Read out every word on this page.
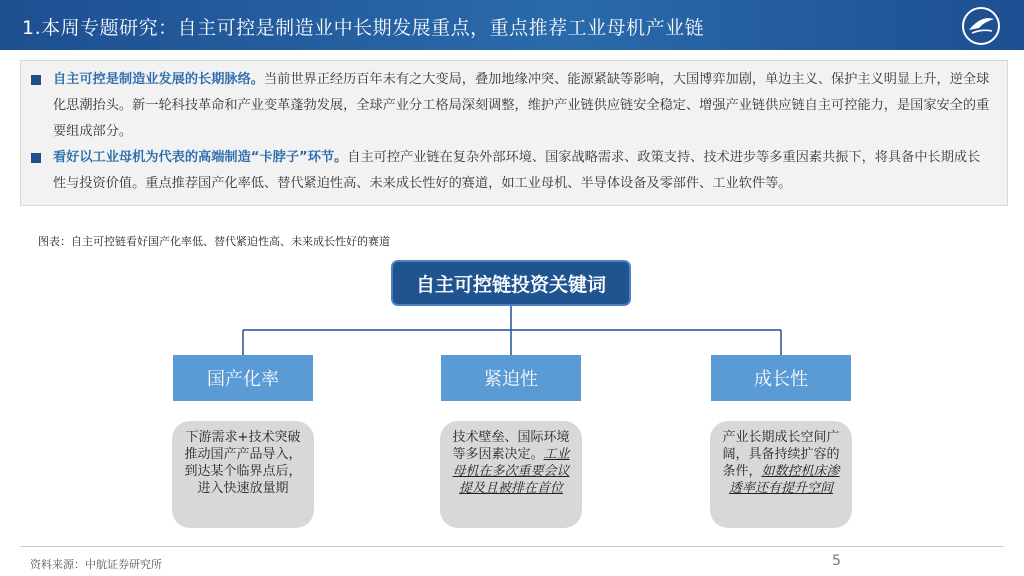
1.本周专题研究：自主可控是制造业中长期发展重点，重点推荐工业母机产业链
自主可控是制造业发展的长期脉络。当前世界正经历百年未有之大变局，叠加地缘冲突、能源紧缺等影响，大国博弈加剧，单边主义、保护主义明显上升，逆全球化思潮抬头。新一轮科技革命和产业变革蓬勃发展，全球产业分工格局深刻调整，维护产业链供应链安全稳定、增强产业链供应链自主可控能力，是国家安全的重要组成部分。
看好以工业母机为代表的高端制造“卡脖子”环节。自主可控产业链在复杂外部环境、国家战略需求、政策支持、技术进步等多重因素共振下，将具备中长期成长性与投资价值。重点推荐国产化率低、替代紧迫性高、未来成长性好的赛道，如工业母机、半导体设备及零部件、工业软件等。
图表：自主可控链看好国产化率低、替代紧迫性高、未来成长性好的赛道
自主可控链投资关键词
国产化率	紧迫性	成长性
下游需求+技术突破推动国产产品导入，到达某个临界点后，进入快速放量期
技术壁垒、国际环境等多因素决定。工业母机在多次重要会议提及且被排在首位
产业长期成长空间广阔，具备持续扩容的条件，如数控机床渗透率还有提升空间
资料来源：中航证券研究所	5
